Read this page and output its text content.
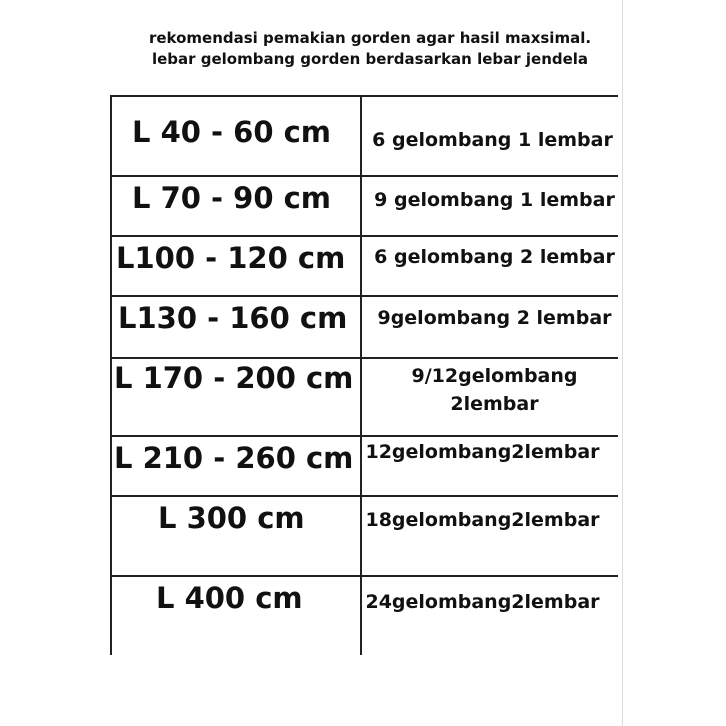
rekomendasi pemakian gorden agar hasil maxsimal.
lebar gelombang gorden berdasarkan lebar jendela
L 40 - 60 cm 6 gelombang 1 lembar
L 70 - 90 cm 9 gelombang 1 lembar
L100 - 120 cm 6 gelombang 2 lembar
L130 - 160 cm 9gelombang 2 lembar
L 170 - 200 cm	9/12gelombang
2lembar
L 210 - 260 cm 12gelombang2lembar
L 300 cm	18gelombang2lembar
L 400 cm	24gelombang2lembar
